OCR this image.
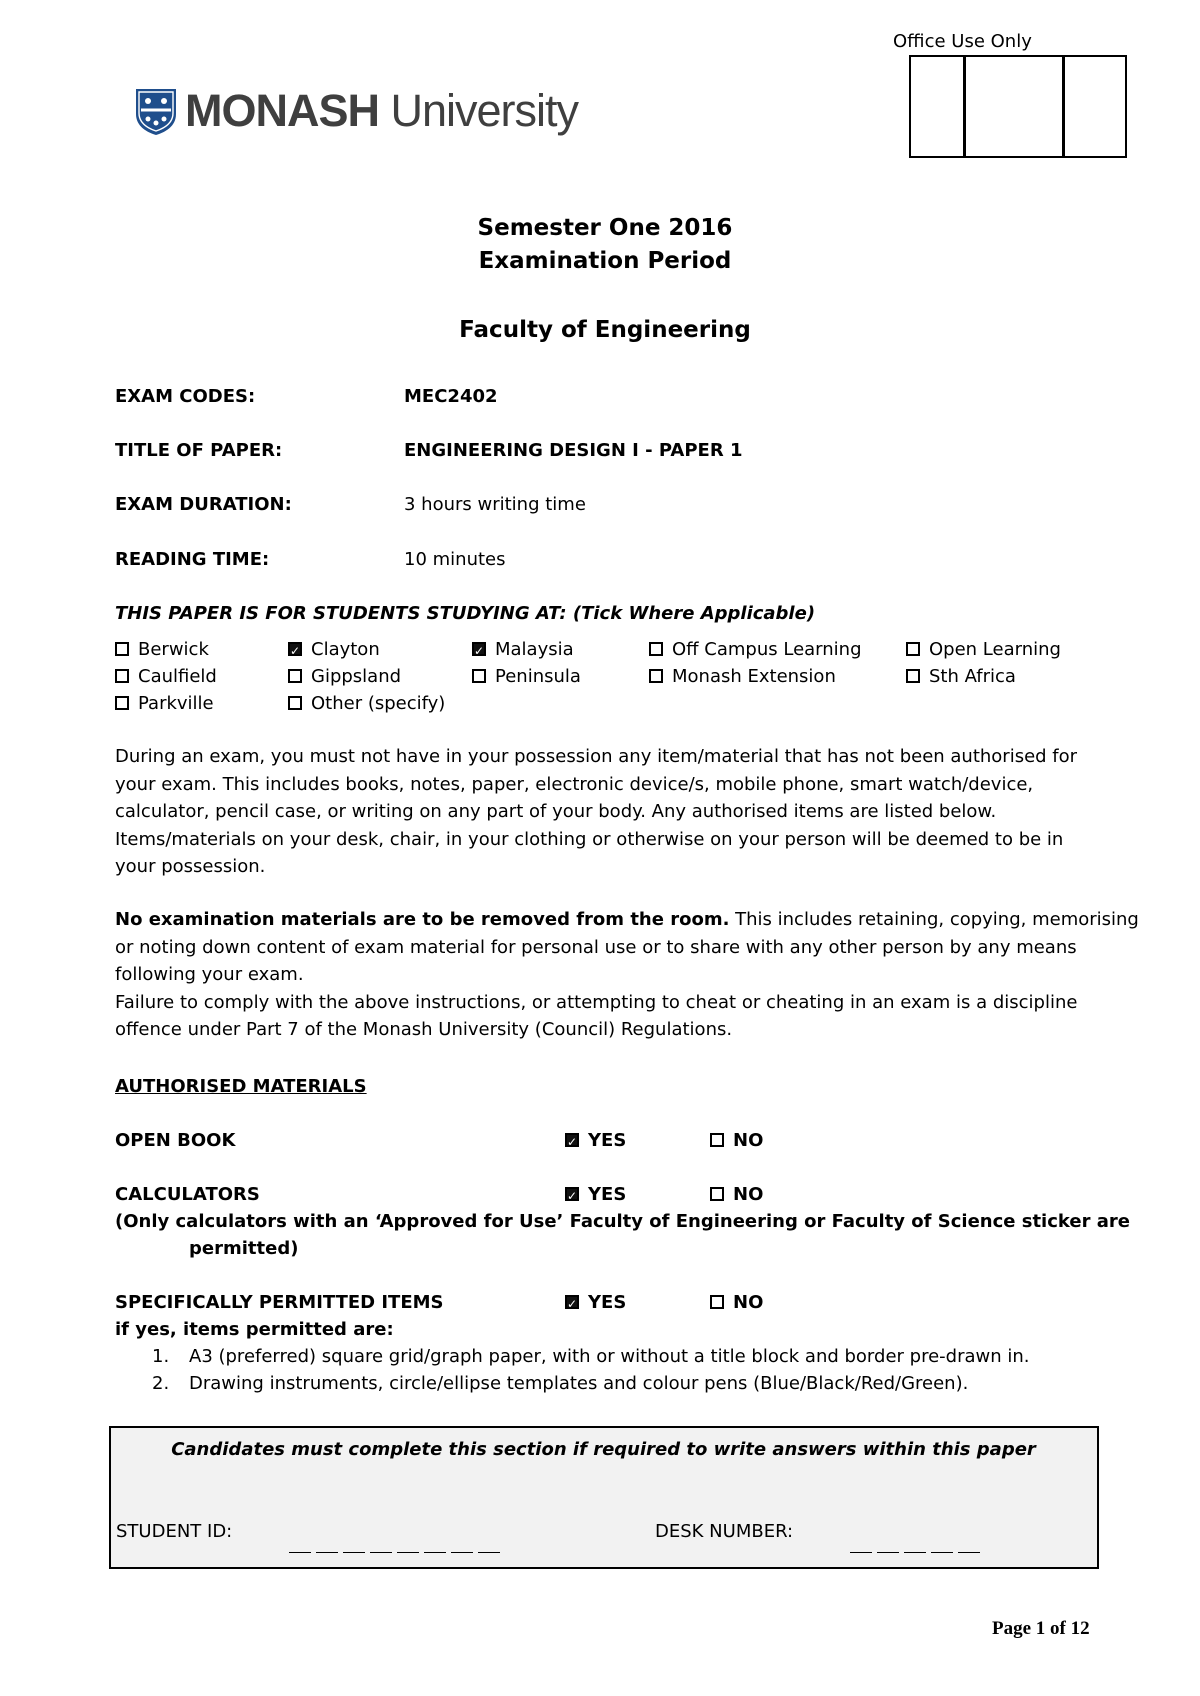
MONASH University
Office Use Only
Semester One 2016
Examination Period
Faculty of Engineering
EXAM CODES:	MEC2402
TITLE OF PAPER:	ENGINEERING DESIGN I - PAPER 1
EXAM DURATION:	3 hours writing time
READING TIME:	10 minutes
THIS PAPER IS FOR STUDENTS STUDYING AT: (Tick Where Applicable)
Berwick ✓	Clayton ✓	Malaysia	Off Campus Learning	Open Learning
Caulfield	Gippsland	Peninsula	Monash Extension	Sth Africa
Parkville	Other (specify)
During an exam, you must not have in your possession any item/material that has not been authorised for
your exam. This includes books, notes, paper, electronic device/s, mobile phone, smart watch/device,
calculator, pencil case, or writing on any part of your body. Any authorised items are listed below.
Items/materials on your desk, chair, in your clothing or otherwise on your person will be deemed to be in
your possession.
No examination materials are to be removed from the room. This includes retaining, copying, memorising
or noting down content of exam material for personal use or to share with any other person by any means
following your exam.
Failure to comply with the above instructions, or attempting to cheat or cheating in an exam is a discipline
offence under Part 7 of the Monash University (Council) Regulations.
AUTHORISED MATERIALS
OPEN BOOK ✓	YES	NO
CALCULATORS ✓	YES	NO
(Only calculators with an ‘Approved for Use’ Faculty of Engineering or Faculty of Science sticker are
permitted)
SPECIFICALLY PERMITTED ITEMS ✓	YES	NO
if yes, items permitted are:
1. A3 (preferred) square grid/graph paper, with or without a title block and border pre-drawn in.
2. Drawing instruments, circle/ellipse templates and colour pens (Blue/Black/Red/Green).
Candidates must complete this section if required to write answers within this paper
STUDENT ID:	DESK NUMBER:
Page 1 of 12
